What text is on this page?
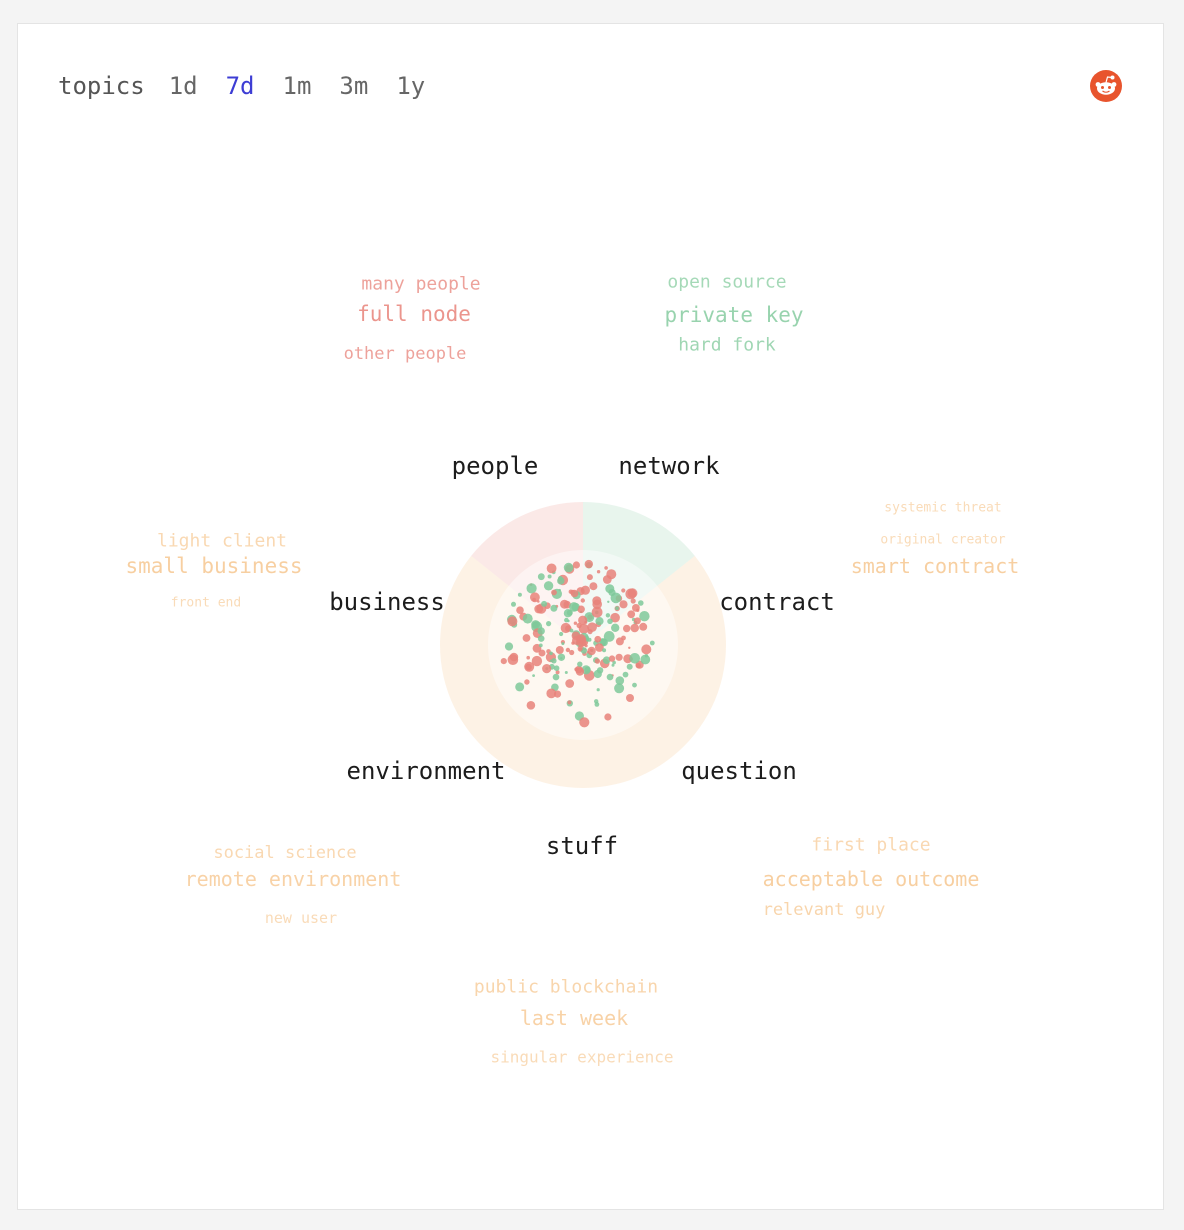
topics 1d 7d 1m 3m 1y
people	network
contract
question
stuff
environment
business
many people
full node
other people
open source
private key
hard fork
systemic threat
original creator
smart contract
first place
acceptable outcome
relevant guy
public blockchain
last week
singular experience
social science
remote environment
new user
light client
small business
front end
